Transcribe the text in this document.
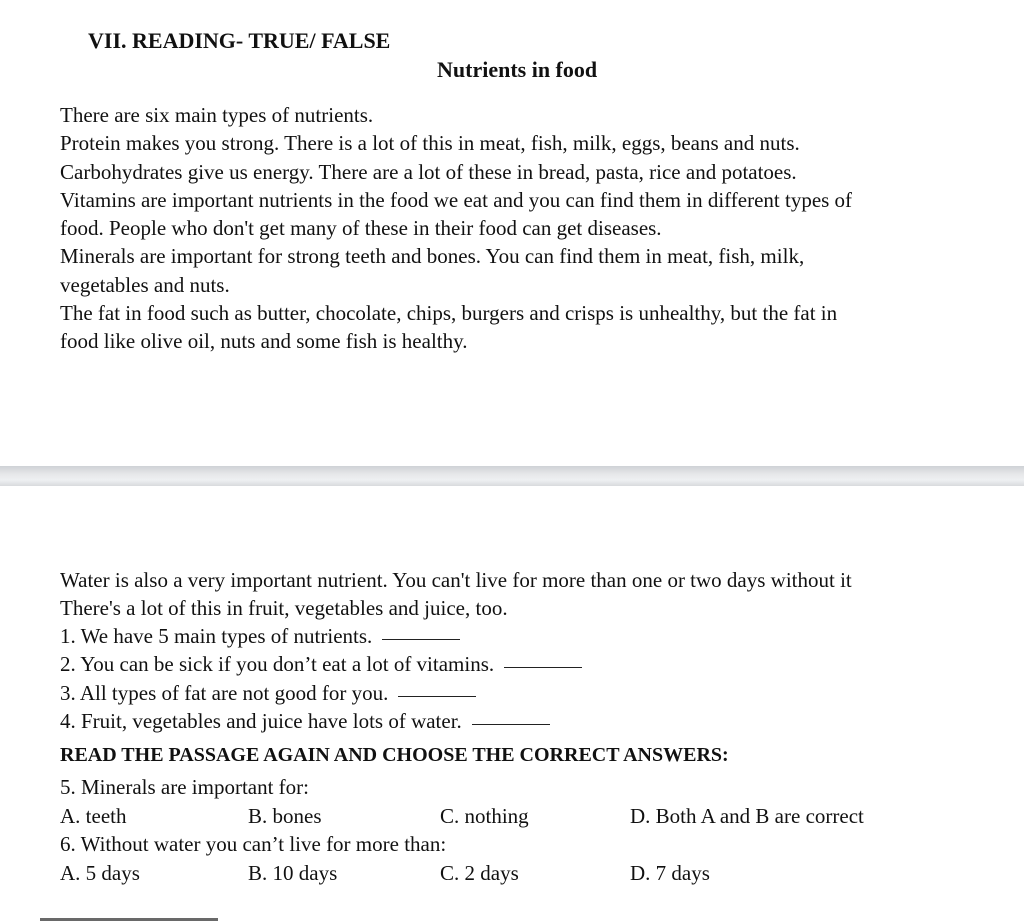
VII. READING- TRUE/ FALSE
Nutrients in food
There are six main types of nutrients.
Protein makes you strong. There is a lot of this in meat, fish, milk, eggs, beans and nuts.
Carbohydrates give us energy. There are a lot of these in bread, pasta, rice and potatoes.
Vitamins are important nutrients in the food we eat and you can find them in different types of
food. People who don't get many of these in their food can get diseases.
Minerals are important for strong teeth and bones. You can find them in meat, fish, milk,
vegetables and nuts.
The fat in food such as butter, chocolate, chips, burgers and crisps is unhealthy, but the fat in
food like olive oil, nuts and some fish is healthy.
Water is also a very important nutrient. You can't live for more than one or two days without it
There's a lot of this in fruit, vegetables and juice, too.
1. We have 5 main types of nutrients.
2. You can be sick if you don’t eat a lot of vitamins.
3. All types of fat are not good for you.
4. Fruit, vegetables and juice have lots of water.
READ THE PASSAGE AGAIN AND CHOOSE THE CORRECT ANSWERS:
5. Minerals are important for:
A. teeth	B. bones	C. nothing	D. Both A and B are correct
6. Without water you can’t live for more than:
A. 5 days	B. 10 days	C. 2 days	D. 7 days
